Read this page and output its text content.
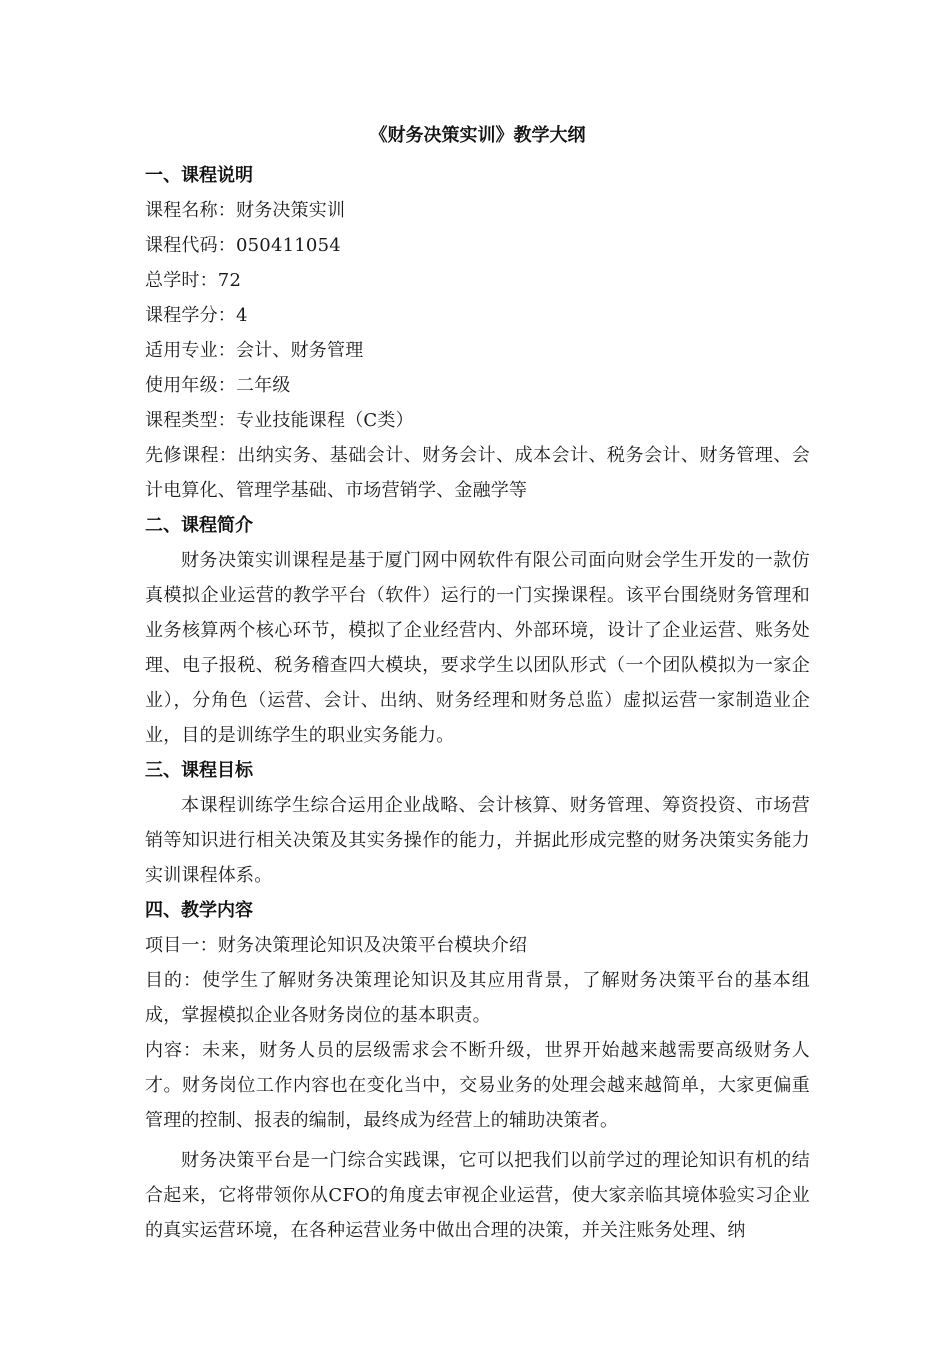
《财务决策实训》教学大纲
一、课程说明
课程名称：财务决策实训
课程代码：050411054
总学时：72
课程学分：4
适用专业：会计、财务管理
使用年级：二年级
课程类型：专业技能课程（C类）
先修课程：出纳实务、基础会计、财务会计、成本会计、税务会计、财务管理、会计电算化、管理学基础、市场营销学、金融学等
二、课程简介
财务决策实训课程是基于厦门网中网软件有限公司面向财会学生开发的一款仿真模拟企业运营的教学平台（软件）运行的一门实操课程。该平台围绕财务管理和业务核算两个核心环节，模拟了企业经营内、外部环境，设计了企业运营、账务处理、电子报税、税务稽查四大模块，要求学生以团队形式（一个团队模拟为一家企业），分角色（运营、会计、出纳、财务经理和财务总监）虚拟运营一家制造业企业，目的是训练学生的职业实务能力。
三、课程目标
本课程训练学生综合运用企业战略、会计核算、财务管理、筹资投资、市场营销等知识进行相关决策及其实务操作的能力，并据此形成完整的财务决策实务能力实训课程体系。
四、教学内容
项目一：财务决策理论知识及决策平台模块介绍
目的：使学生了解财务决策理论知识及其应用背景，了解财务决策平台的基本组成，掌握模拟企业各财务岗位的基本职责。
内容：未来，财务人员的层级需求会不断升级，世界开始越来越需要高级财务人才。财务岗位工作内容也在变化当中，交易业务的处理会越来越简单，大家更偏重管理的控制、报表的编制，最终成为经营上的辅助决策者。
财务决策平台是一门综合实践课，它可以把我们以前学过的理论知识有机的结合起来，它将带领你从CFO的角度去审视企业运营，使大家亲临其境体验实习企业的真实运营环境，在各种运营业务中做出合理的决策，并关注账务处理、纳
